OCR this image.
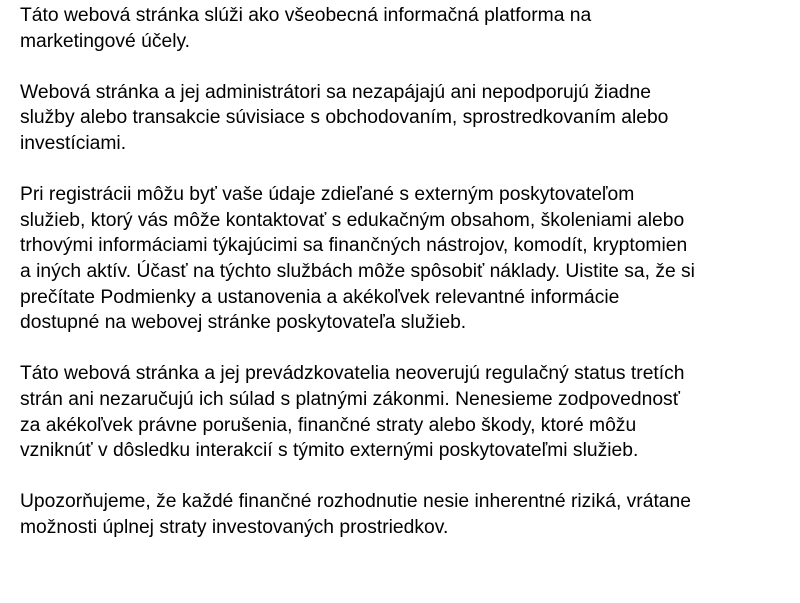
Táto webová stránka slúži ako všeobecná informačná platforma na
marketingové účely.

Webová stránka a jej administrátori sa nezapájajú ani nepodporujú žiadne
služby alebo transakcie súvisiace s obchodovaním, sprostredkovaním alebo
investíciami.

Pri registrácii môžu byť vaše údaje zdieľané s externým poskytovateľom
služieb, ktorý vás môže kontaktovať s edukačným obsahom, školeniami alebo
trhovými informáciami týkajúcimi sa finančných nástrojov, komodít, kryptomien
a iných aktív. Účasť na týchto službách môže spôsobiť náklady. Uistite sa, že si
prečítate Podmienky a ustanovenia a akékoľvek relevantné informácie
dostupné na webovej stránke poskytovateľa služieb.

Táto webová stránka a jej prevádzkovatelia neoverujú regulačný status tretích
strán ani nezaručujú ich súlad s platnými zákonmi. Nenesieme zodpovednosť
za akékoľvek právne porušenia, finančné straty alebo škody, ktoré môžu
vzniknúť v dôsledku interakcií s týmito externými poskytovateľmi služieb.

Upozorňujeme, že každé finančné rozhodnutie nesie inherentné riziká, vrátane
možnosti úplnej straty investovaných prostriedkov.
